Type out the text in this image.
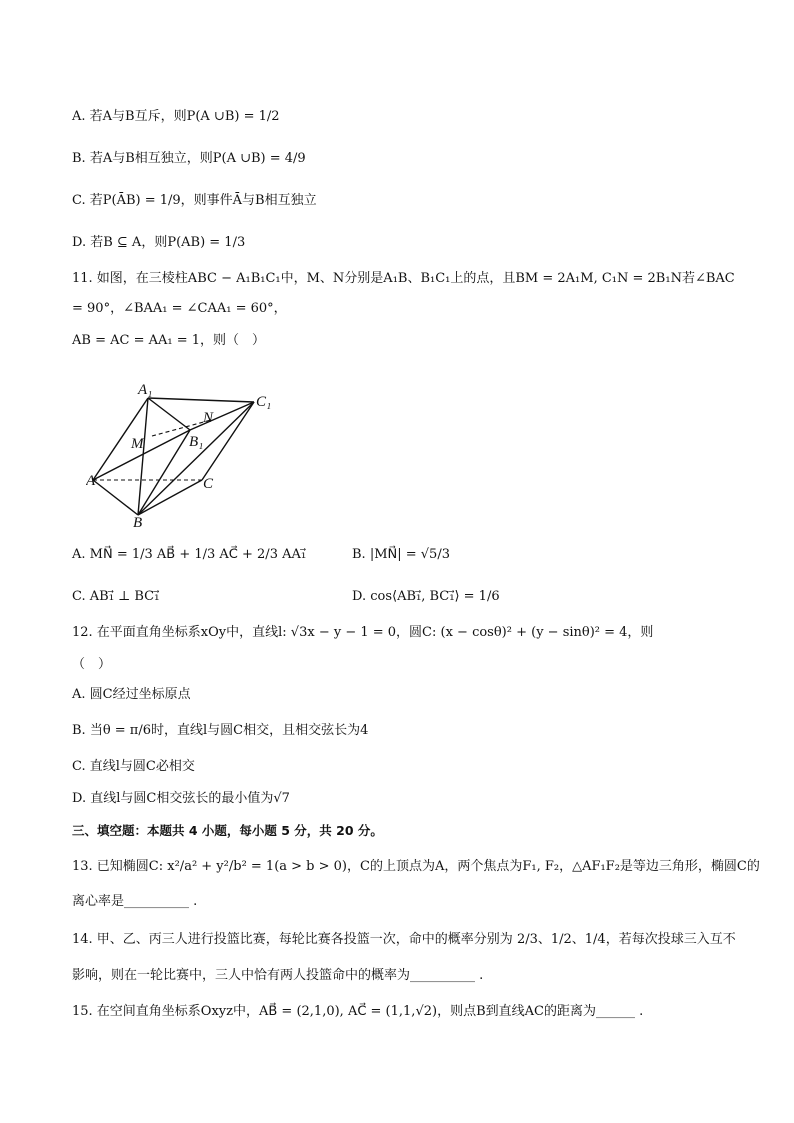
A. 若A与B互斥，则P(A ∪B) = 1/2
B. 若A与B相互独立，则P(A ∪B) = 4/9
C. 若P(ĀB) = 1/9，则事件Ā与B相互独立
D. 若B ⊆ A，则P(AB) = 1/3
11. 如图，在三棱柱ABC − A₁B₁C₁中，M、N分别是A₁B、B₁C₁上的点，且BM = 2A₁M, C₁N = 2B₁N若∠BAC
= 90°，∠BAA₁ = ∠CAA₁ = 60°，
AB = AC = AA₁ = 1，则（　）
A₁
C₁
N
M	B₁
A	C
B
A. MN⃗ = 1/3 AB⃗ + 1/3 AC⃗ + 2/3 AA₁⃗	B. |MN⃗| = √5/3
C. AB₁⃗ ⊥ BC₁⃗	D. cos⟨AB₁⃗, BC₁⃗⟩ = 1/6
12. 在平面直角坐标系xOy中，直线l: √3x − y − 1 = 0，圆C: (x − cosθ)² + (y − sinθ)² = 4，则
（　）
A. 圆C经过坐标原点
B. 当θ = π/6时，直线l与圆C相交，且相交弦长为4
C. 直线l与圆C必相交
D. 直线l与圆C相交弦长的最小值为√7
三、填空题：本题共 4 小题，每小题 5 分，共 20 分。
13. 已知椭圆C: x²/a² + y²/b² = 1(a > b > 0)，C的上顶点为A，两个焦点为F₁, F₂，△AF₁F₂是等边三角形，椭圆C的
离心率是__________ .
14. 甲、乙、丙三人进行投篮比赛，每轮比赛各投篮一次，命中的概率分别为 2/3、1/2、1/4，若每次投球三入互不
影响，则在一轮比赛中，三人中恰有两人投篮命中的概率为__________ .
15. 在空间直角坐标系Oxyz中，AB⃗ = (2,1,0), AC⃗ = (1,1,√2)，则点B到直线AC的距离为______ .
